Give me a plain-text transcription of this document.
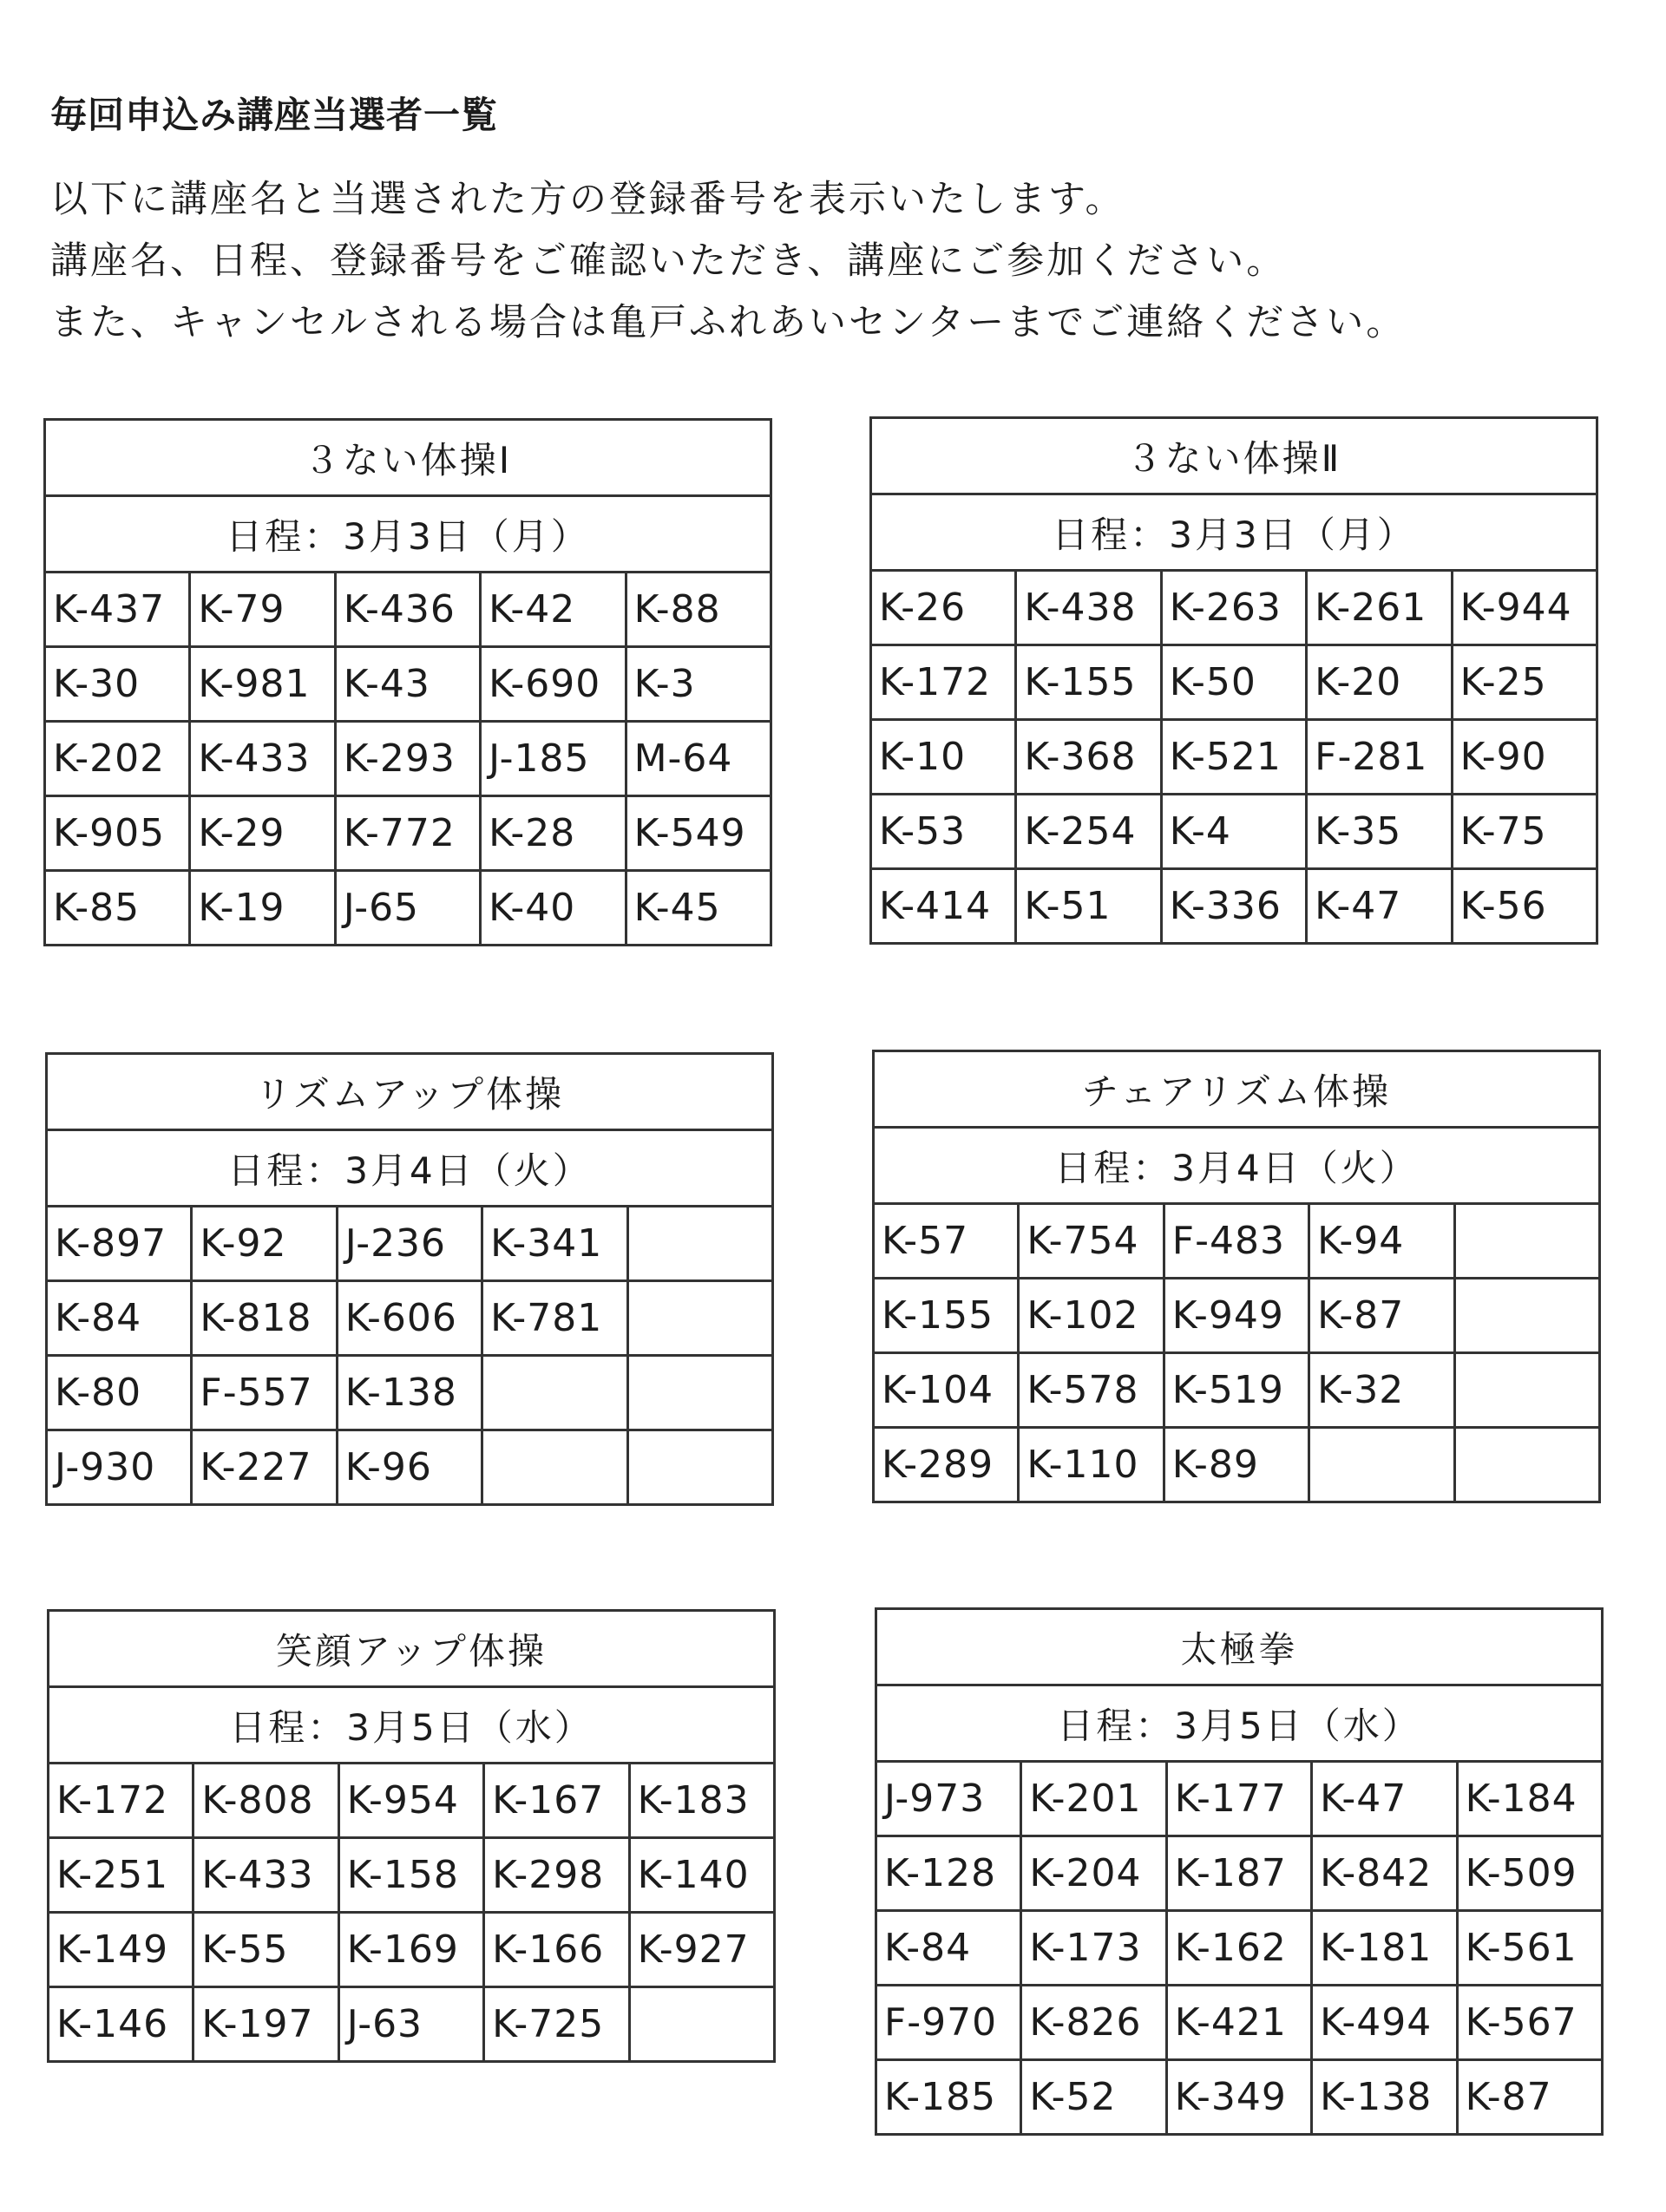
毎回申込み講座当選者一覧

以下に講座名と当選された方の登録番号を表示いたします。

講座名、日程、登録番号をご確認いただき、講座にご参加ください。

また、キャンセルされる場合は亀戸ふれあいセンターまでご連絡ください。

３ない体操Ⅰ				
日程：3月3日（月）				
K-437	K-79	K-436	K-42	K-88
K-30	K-981	K-43	K-690	K-3
K-202	K-433	K-293	J-185	M-64
K-905	K-29	K-772	K-28	K-549
K-85	K-19	J-65	K-40	K-45
３ない体操Ⅱ				
日程：3月3日（月）				
K-26	K-438	K-263	K-261	K-944
K-172	K-155	K-50	K-20	K-25
K-10	K-368	K-521	F-281	K-90
K-53	K-254	K-4	K-35	K-75
K-414	K-51	K-336	K-47	K-56
リズムアップ体操				
日程：3月4日（火）				
K-897	K-92	J-236	K-341	
K-84	K-818	K-606	K-781	
K-80	F-557	K-138		
J-930	K-227	K-96		
チェアリズム体操				
日程：3月4日（火）				
K-57	K-754	F-483	K-94	
K-155	K-102	K-949	K-87	
K-104	K-578	K-519	K-32	
K-289	K-110	K-89		
笑顔アップ体操				
日程：3月5日（水）				
K-172	K-808	K-954	K-167	K-183
K-251	K-433	K-158	K-298	K-140
K-149	K-55	K-169	K-166	K-927
K-146	K-197	J-63	K-725	
太極拳				
日程：3月5日（水）				
J-973	K-201	K-177	K-47	K-184
K-128	K-204	K-187	K-842	K-509
K-84	K-173	K-162	K-181	K-561
F-970	K-826	K-421	K-494	K-567
K-185	K-52	K-349	K-138	K-87
